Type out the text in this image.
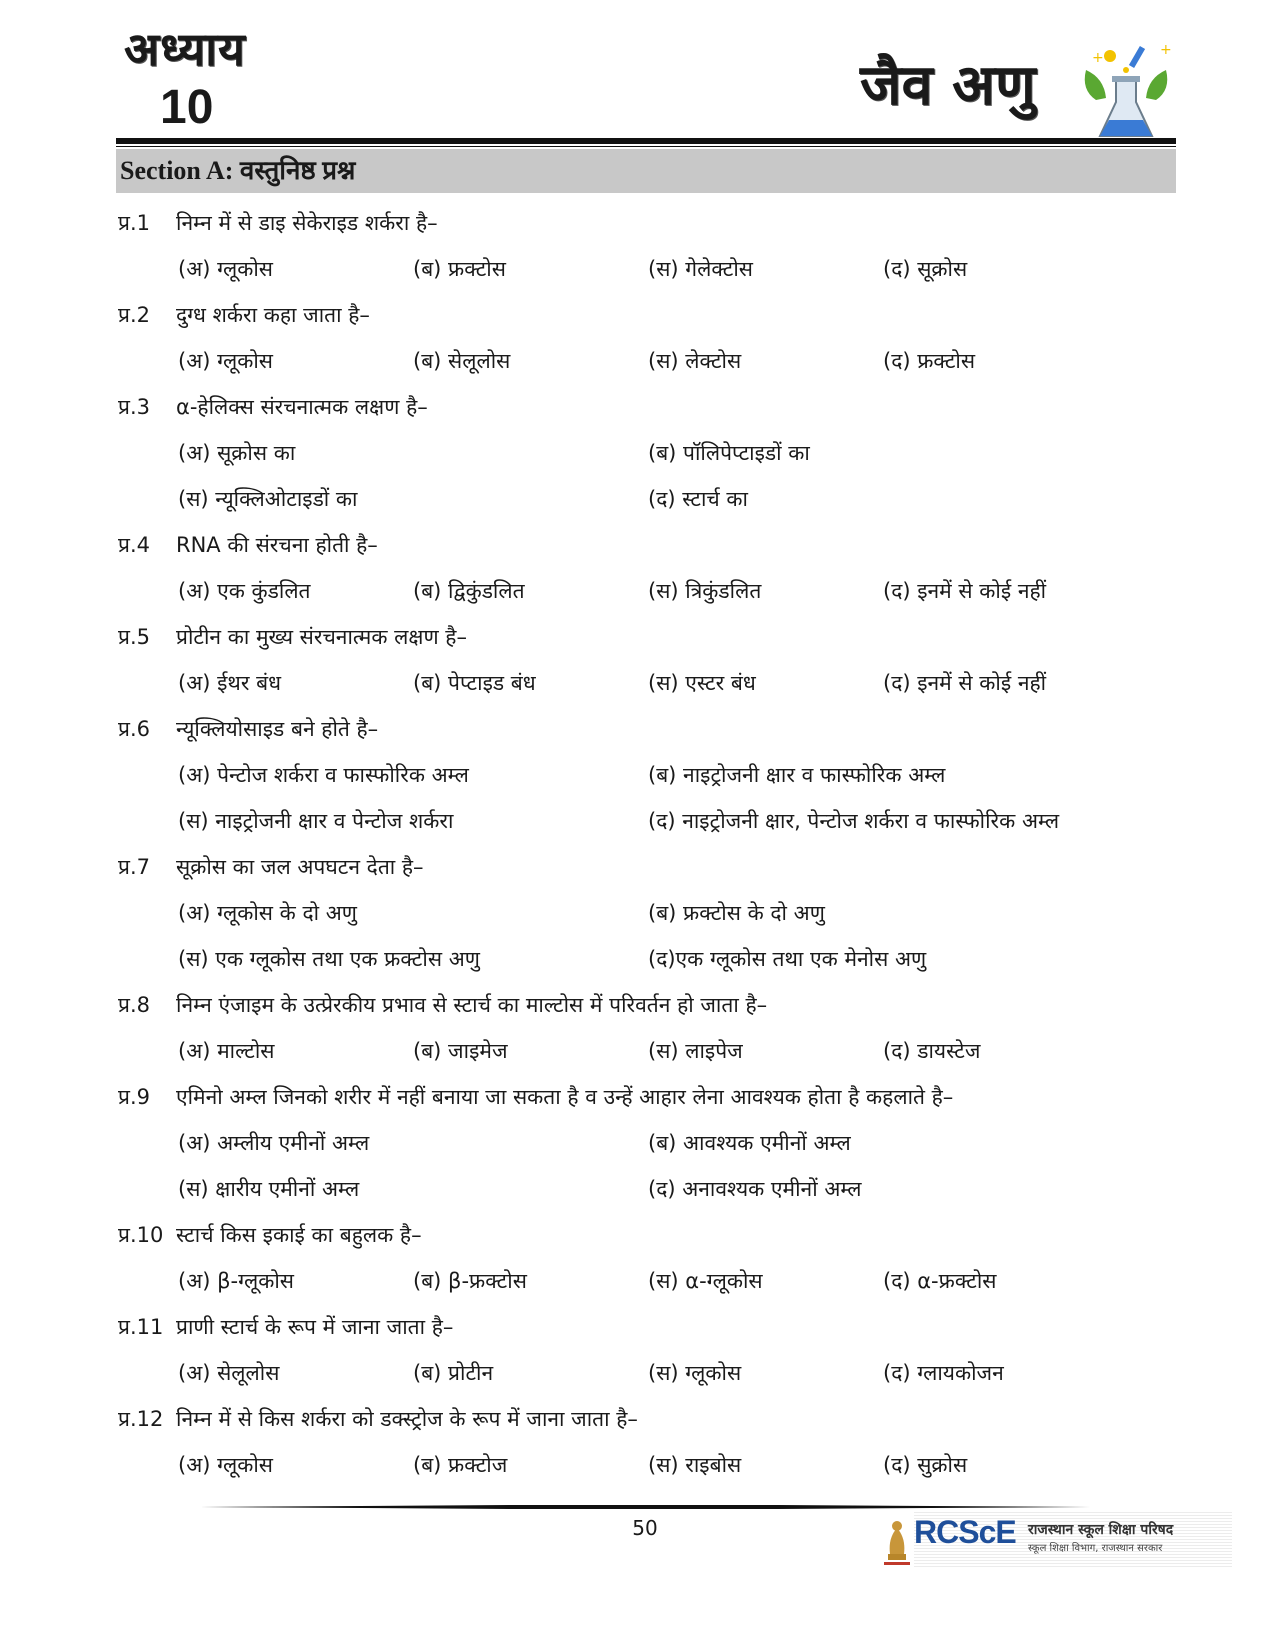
अध्याय
10	जैव अणु	+	+
Section A: वस्तुनिष्ठ प्रश्न
प्र.1	निम्न में से डाइ सेकेराइड शर्करा है–
(अ) ग्लूकोस	(ब) फ्रक्टोस	(स) गेलेक्टोस	(द) सूक्रोस
प्र.2	दुग्ध शर्करा कहा जाता है–
(अ) ग्लूकोस	(ब) सेलूलोस	(स) लेक्टोस	(द) फ्रक्टोस
प्र.3	α-हेलिक्स संरचनात्मक लक्षण है–
(अ) सूक्रोस का	(ब) पॉलिपेप्टाइडों का
(स) न्यूक्लिओटाइडों का	(द) स्टार्च का
प्र.4	RNA की संरचना होती है–
(अ) एक कुंडलित	(ब) द्विकुंडलित	(स) त्रिकुंडलित	(द) इनमें से कोई नहीं
प्र.5	प्रोटीन का मुख्य संरचनात्मक लक्षण है–
(अ) ईथर बंध	(ब) पेप्टाइड बंध	(स) एस्टर बंध	(द) इनमें से कोई नहीं
प्र.6	न्यूक्लियोसाइड बने होते है–
(अ) पेन्टोज शर्करा व फास्फोरिक अम्ल	(ब) नाइट्रोजनी क्षार व फास्फोरिक अम्ल
(स) नाइट्रोजनी क्षार व पेन्टोज शर्करा	(द) नाइट्रोजनी क्षार, पेन्टोज शर्करा व फास्फोरिक अम्ल
प्र.7	सूक्रोस का जल अपघटन देता है–
(अ) ग्लूकोस के दो अणु	(ब) फ्रक्टोस के दो अणु
(स) एक ग्लूकोस तथा एक फ्रक्टोस अणु	(द)एक ग्लूकोस तथा एक मेनोस अणु
प्र.8	निम्न एंजाइम के उत्प्रेरकीय प्रभाव से स्टार्च का माल्टोस में परिवर्तन हो जाता है–
(अ) माल्टोस	(ब) जाइमेज	(स) लाइपेज	(द) डायस्टेज
प्र.9	एमिनो अम्ल जिनको शरीर में नहीं बनाया जा सकता है व उन्हें आहार लेना आवश्यक होता है कहलाते है–
(अ) अम्लीय एमीनों अम्ल	(ब) आवश्यक एमीनों अम्ल
(स) क्षारीय एमीनों अम्ल	(द) अनावश्यक एमीनों अम्ल
प्र.10 स्टार्च किस इकाई का बहुलक है–
(अ) β-ग्लूकोस	(ब) β-फ्रक्टोस	(स) α-ग्लूकोस	(द) α-फ्रक्टोस
प्र.11 प्राणी स्टार्च के रूप में जाना जाता है–
(अ) सेलूलोस	(ब) प्रोटीन	(स) ग्लूकोस	(द) ग्लायकोजन
प्र.12 निम्न में से किस शर्करा को डक्स्ट्रोज के रूप में जाना जाता है–
(अ) ग्लूकोस	(ब) फ्रक्टोज	(स) राइबोस	(द) सुक्रोस
50	RCScE राजस्थान स्कूल शिक्षा परिषद
स्कूल शिक्षा विभाग, राजस्थान सरकार
